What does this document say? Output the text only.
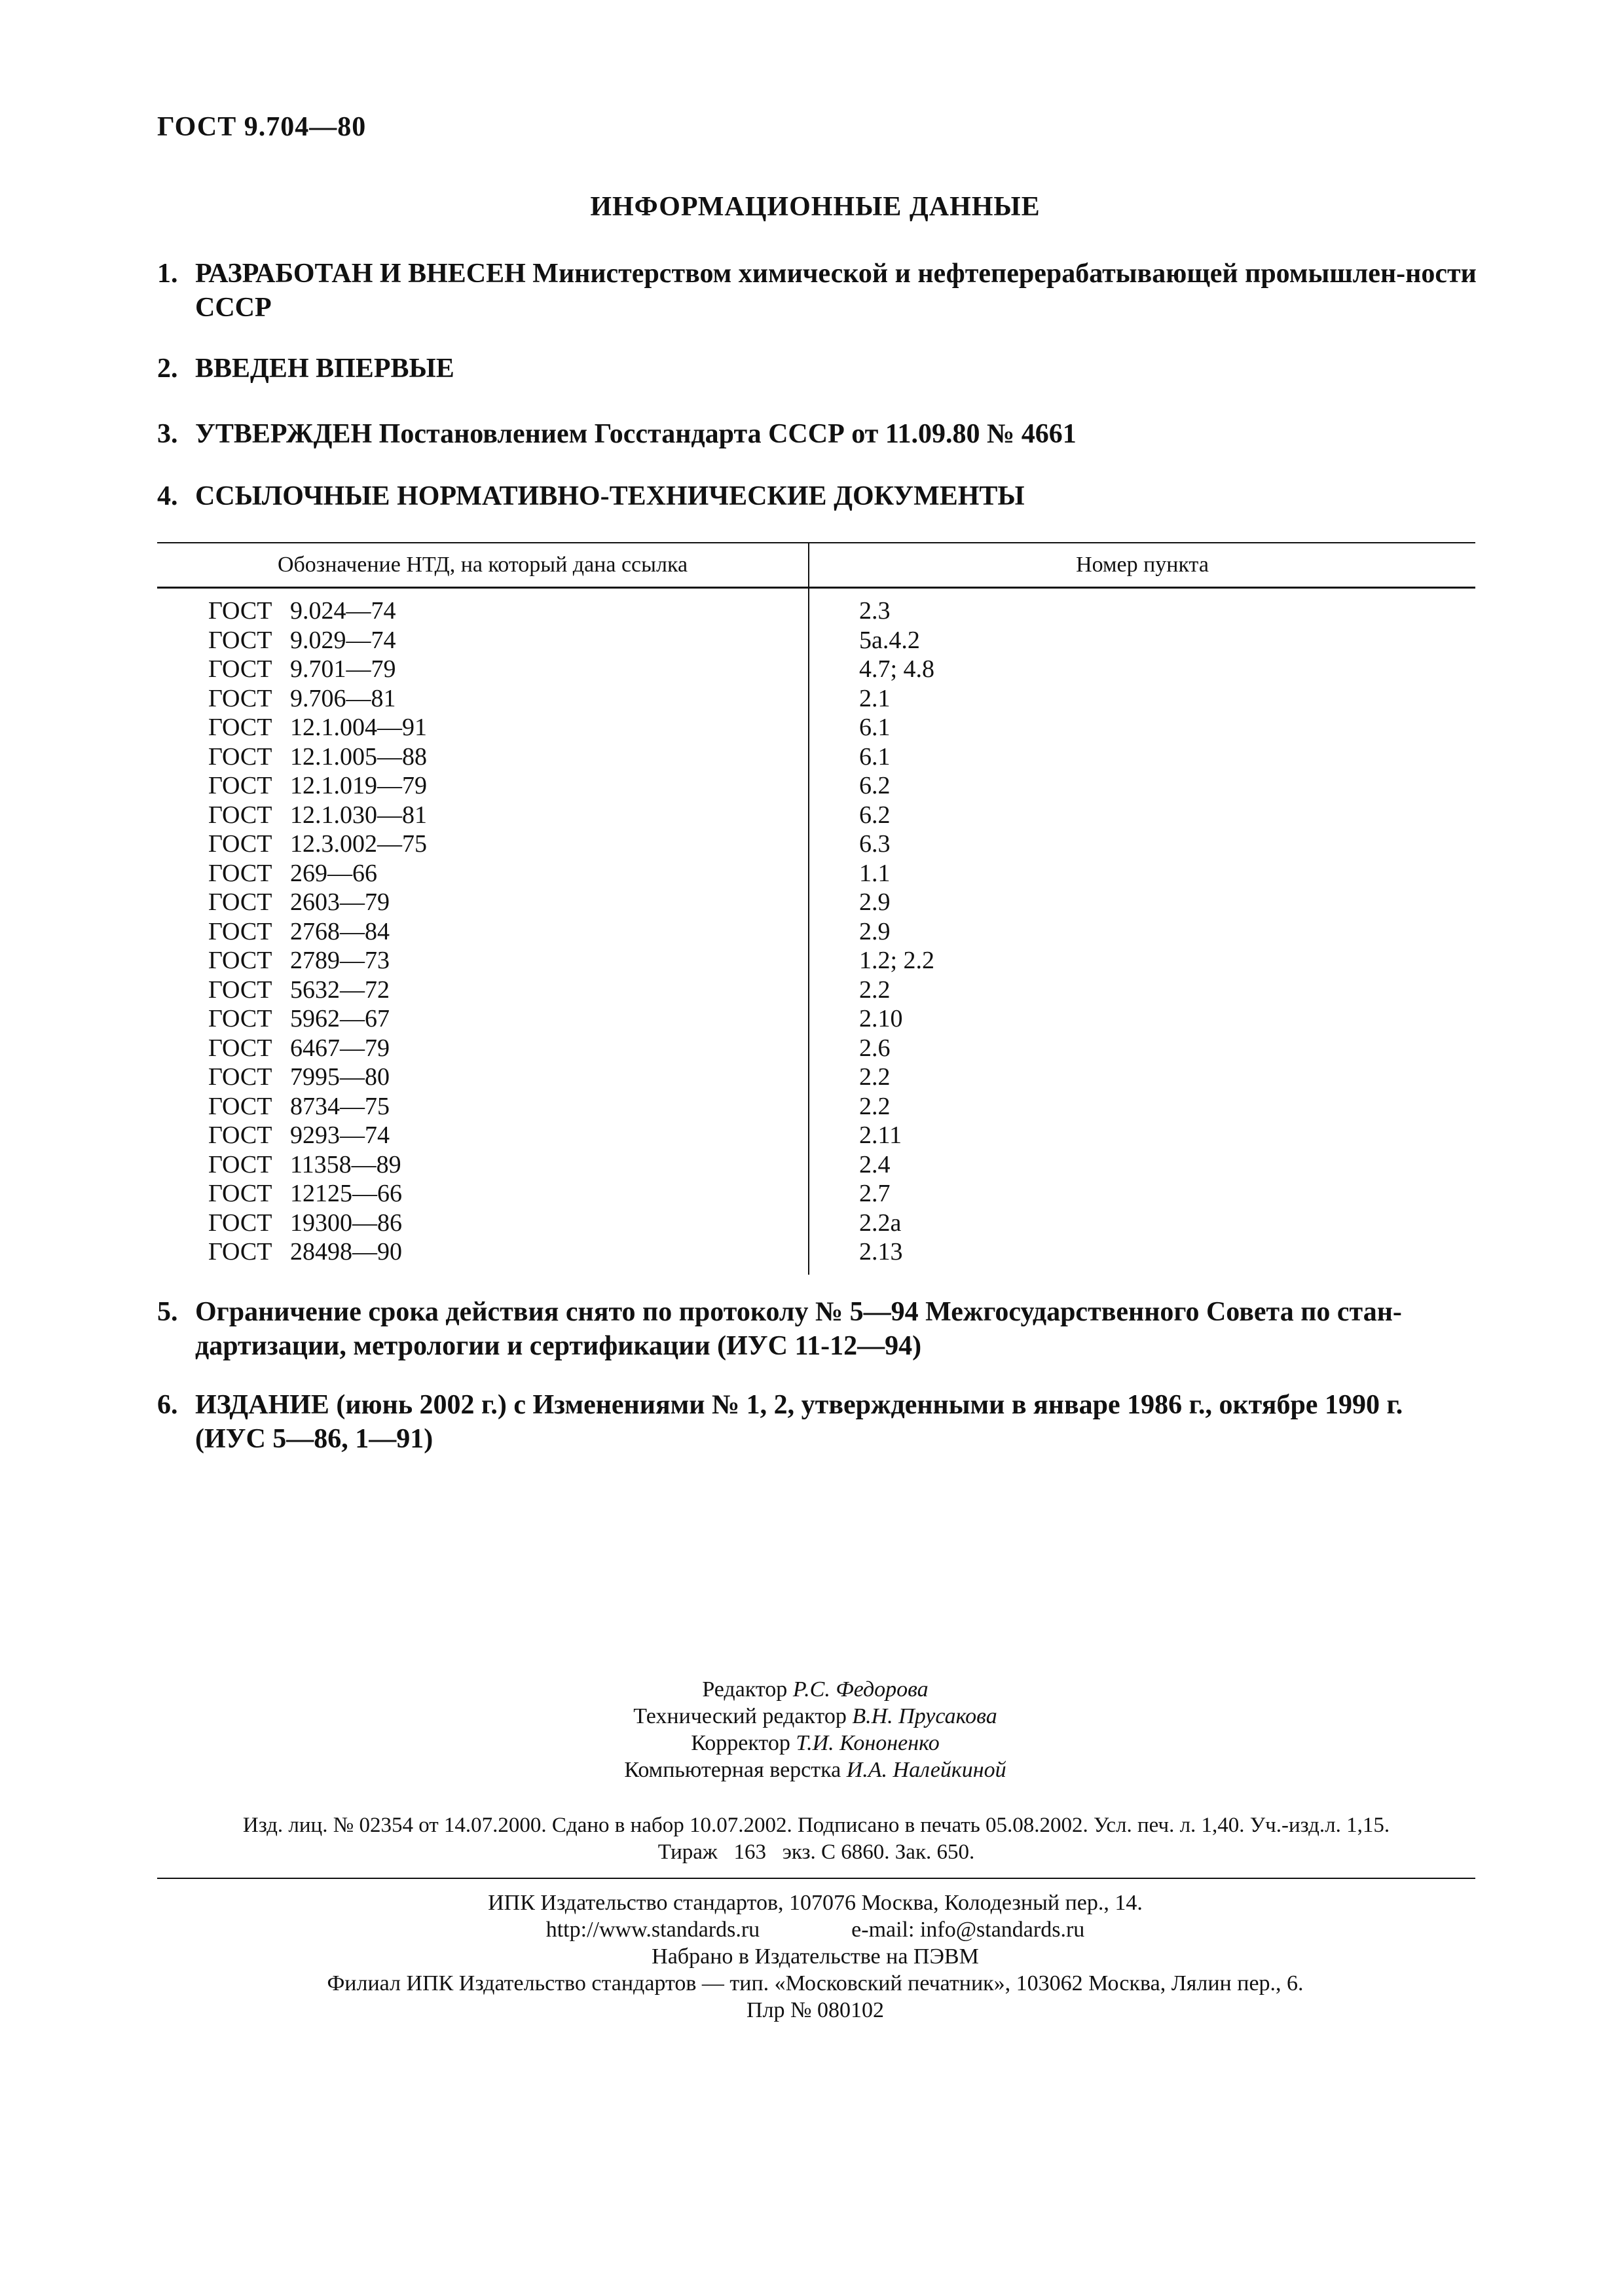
ГОСТ 9.704—80
ИНФОРМАЦИОННЫЕ ДАННЫЕ
1. РАЗРАБОТАН И ВНЕСЕН Министерством химической и нефтеперерабатывающей промышлен-ности СССР
2. ВВЕДЕН ВПЕРВЫЕ
3. УТВЕРЖДЕН Постановлением Госстандарта СССР от 11.09.80 № 4661
4. ССЫЛОЧНЫЕ НОРМАТИВНО-ТЕХНИЧЕСКИЕ ДОКУМЕНТЫ
Обозначение НТД, на который дана ссылка	Номер пункта
ГОСТ 9.024—74
ГОСТ 9.029—74
ГОСТ 9.701—79
ГОСТ 9.706—81
ГОСТ 12.1.004—91
ГОСТ 12.1.005—88
ГОСТ 12.1.019—79
ГОСТ 12.1.030—81
ГОСТ 12.3.002—75
ГОСТ 269—66
ГОСТ 2603—79
ГОСТ 2768—84
ГОСТ 2789—73
ГОСТ 5632—72
ГОСТ 5962—67
ГОСТ 6467—79
ГОСТ 7995—80
ГОСТ 8734—75
ГОСТ 9293—74
ГОСТ 11358—89
ГОСТ 12125—66
ГОСТ 19300—86
ГОСТ 28498—90
2.3
5а.4.2
4.7; 4.8
2.1
6.1
6.1
6.2
6.2
6.3
1.1
2.9
2.9
1.2; 2.2
2.2
2.10
2.6
2.2
2.2
2.11
2.4
2.7
2.2а
2.13
5. Ограничение срока действия снято по протоколу № 5—94 Межгосударственного Совета по стан-дартизации, метрологии и сертификации (ИУС 11-12—94)
6. ИЗДАНИЕ (июнь 2002 г.) с Изменениями № 1, 2, утвержденными в январе 1986 г., октябре 1990 г. (ИУС 5—86, 1—91)
Редактор Р.С. Федорова
Технический редактор В.Н. Прусакова
Корректор Т.И. Кононенко
Компьютерная верстка И.А. Налейкиной
Изд. лиц. № 02354 от 14.07.2000. Сдано в набор 10.07.2002. Подписано в печать 05.08.2002. Усл. печ. л. 1,40. Уч.-изд.л. 1,15.
Тираж   163   экз. С 6860. Зак. 650.
ИПК Издательство стандартов, 107076 Москва, Колодезный пер., 14.
http://www.standards.ru	e-mail: info@standards.ru
Набрано в Издательстве на ПЭВМ
Филиал ИПК Издательство стандартов — тип. «Московский печатник», 103062 Москва, Лялин пер., 6.
Плр № 080102
